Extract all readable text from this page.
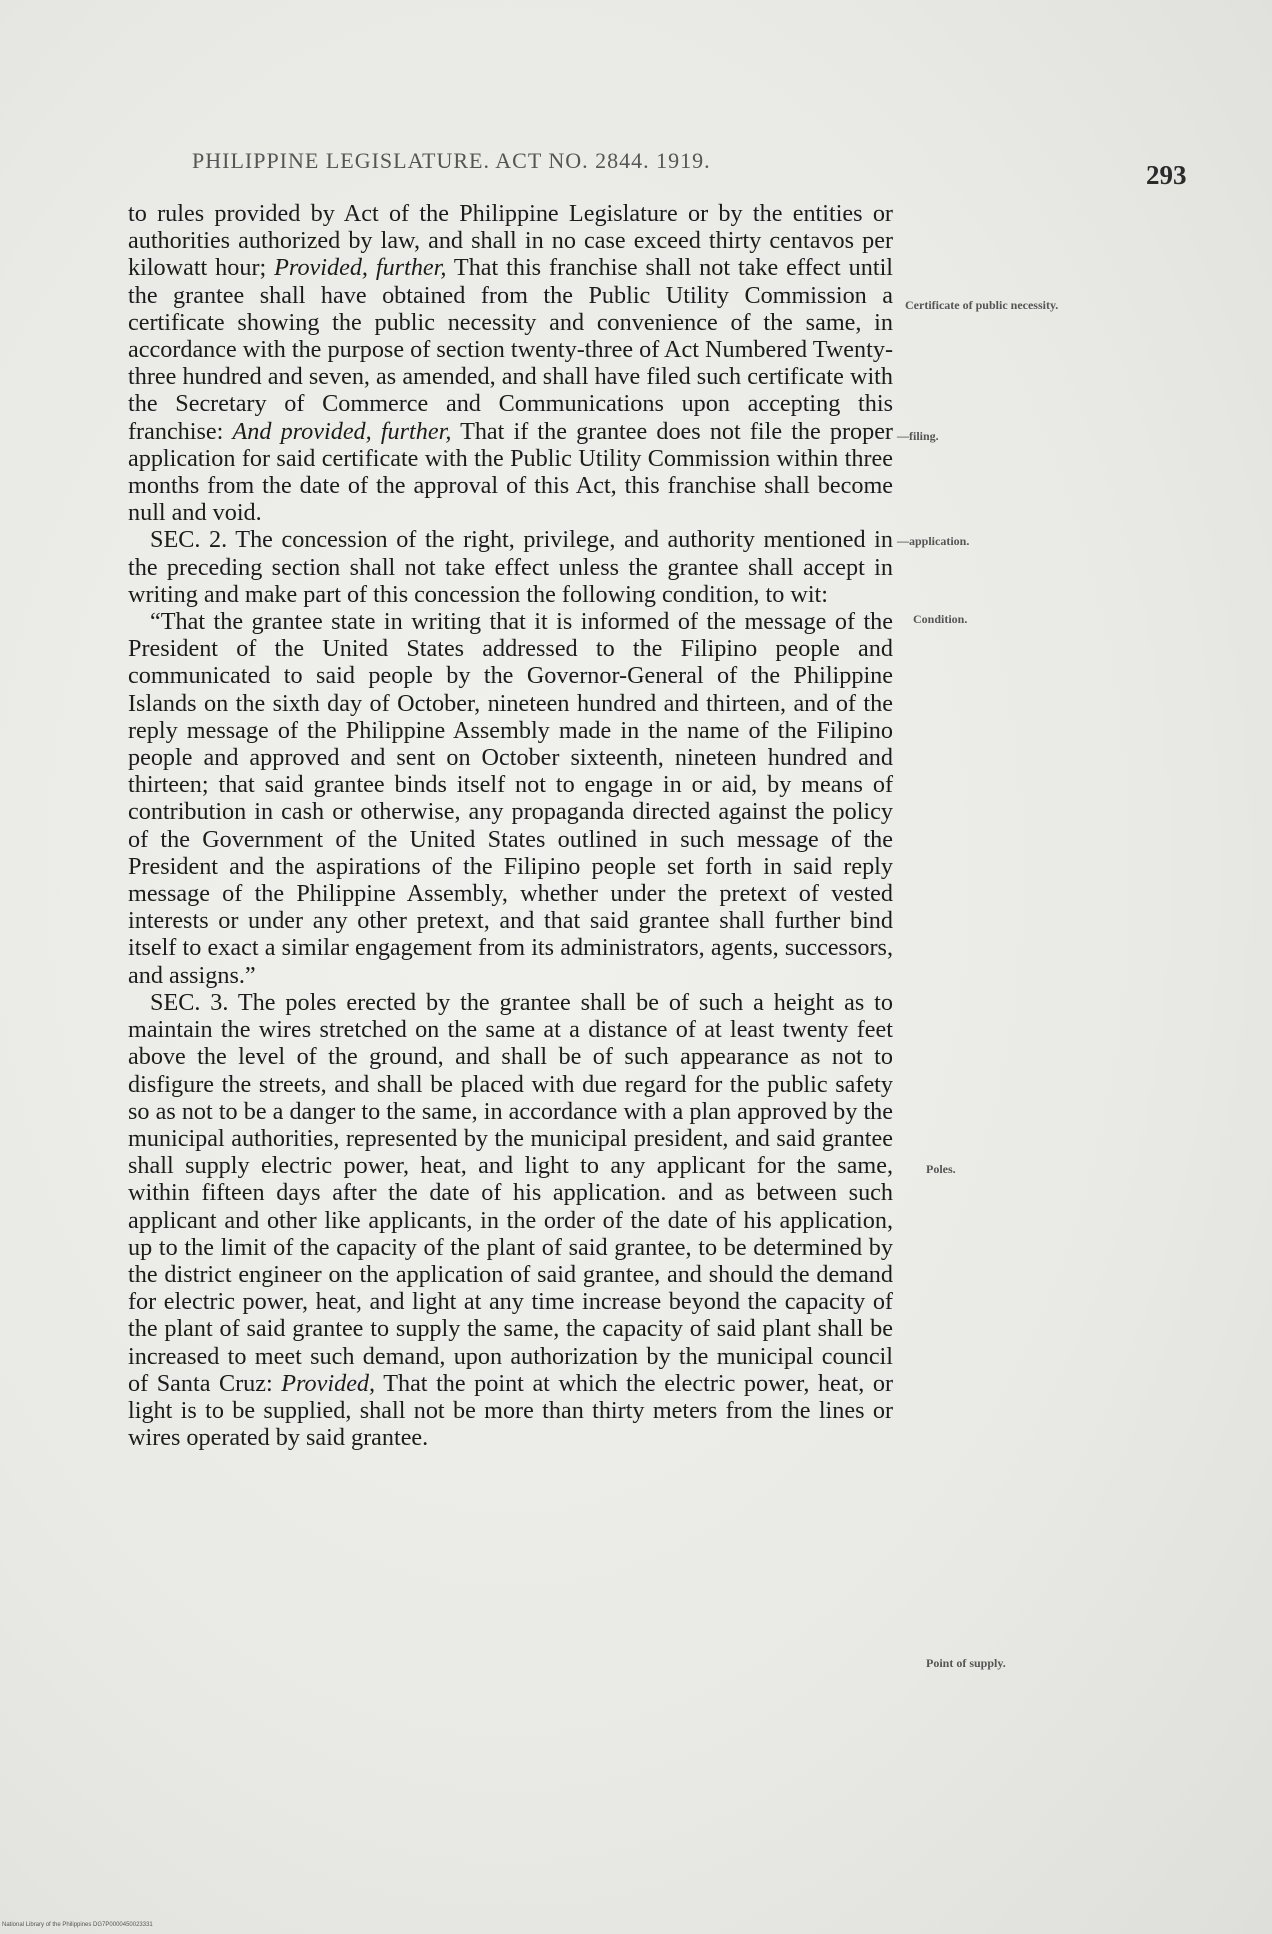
PHILIPPINE LEGISLATURE. ACT NO. 2844. 1919.	293

to rules provided by Act of the Philippine Legislature or by the entities or authorities authorized by law, and shall in no case exceed thirty centavos per kilowatt hour; Provided, further, That this franchise shall not take effect until the grantee shall have obtained from the Public Utility Commission a certificate showing the public necessity and convenience of the same, in accordance with the purpose of section twenty-three of Act Numbered Twenty-three hundred and seven, as amended, and shall have filed such certificate with the Secretary of Commerce and Communications upon accepting this franchise: And provided, further, That if the grantee does not file the proper application for said certificate with the Public Utility Commission within three months from the date of the approval of this Act, this franchise shall become null and void.

SEC. 2. The concession of the right, privilege, and authority mentioned in the preceding section shall not take effect unless the grantee shall accept in writing and make part of this concession the following condition, to wit:

“That the grantee state in writing that it is informed of the message of the President of the United States addressed to the Filipino people and communicated to said people by the Governor-General of the Philippine Islands on the sixth day of October, nineteen hundred and thirteen, and of the reply message of the Philippine Assembly made in the name of the Filipino people and approved and sent on October sixteenth, nineteen hundred and thirteen; that said grantee binds itself not to engage in or aid, by means of contribution in cash or otherwise, any propaganda directed against the policy of the Government of the United States outlined in such message of the President and the aspirations of the Filipino people set forth in said reply message of the Philippine Assembly, whether under the pretext of vested interests or under any other pretext, and that said grantee shall further bind itself to exact a similar engagement from its administrators, agents, successors, and assigns.”

SEC. 3. The poles erected by the grantee shall be of such a height as to maintain the wires stretched on the same at a distance of at least twenty feet above the level of the ground, and shall be of such appearance as not to disfigure the streets, and shall be placed with due regard for the public safety so as not to be a danger to the same, in accordance with a plan approved by the municipal authorities, represented by the municipal president, and said grantee shall supply electric power, heat, and light to any applicant for the same, within fifteen days after the date of his application. and as between such applicant and other like applicants, in the order of the date of his application, up to the limit of the capacity of the plant of said grantee, to be determined by the district engineer on the application of said grantee, and should the demand for electric power, heat, and light at any time increase beyond the capacity of the plant of said grantee to supply the same, the capacity of said plant shall be increased to meet such demand, upon authorization by the municipal council of Santa Cruz: Provided, That the point at which the electric power, heat, or light is to be supplied, shall not be more than thirty meters from the lines or wires operated by said grantee.

Certificate of public necessity.
—filing.
—application.
Condition.
Poles.
Point of supply.
National Library of the Philippines DG7P0000450023331
